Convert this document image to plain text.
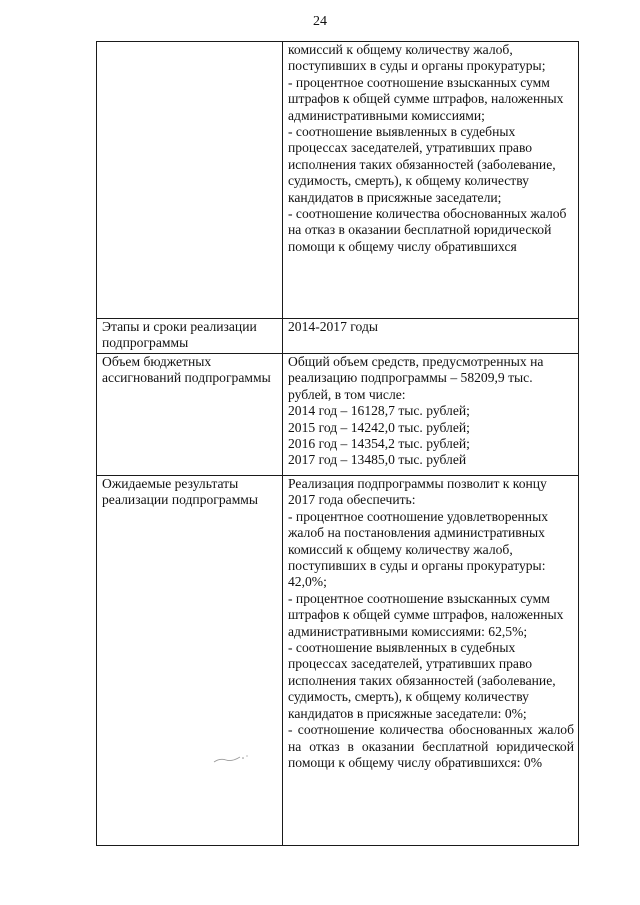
24

	комиссий к общему количеству жалоб, поступивших в суды и органы прокуратуры;
- процентное соотношение взысканных сумм штрафов к общей сумме штрафов, наложенных административными комиссиями;
- соотношение выявленных в судебных процессах заседателей, утративших право исполнения таких обязанностей (заболевание, судимость, смерть), к общему количеству кандидатов в присяжные заседатели;
- соотношение количества обоснованных жалоб на отказ в оказании бесплатной юридической помощи к общему числу обратившихся

Этапы и сроки реализации подпрограммы	2014-2017 годы

Объем бюджетных ассигнований подпрограммы	Общий объем средств, предусмотренных на реализацию подпрограммы – 58209,9 тыс. рублей, в том числе:
2014 год – 16128,7 тыс. рублей;
2015 год – 14242,0 тыс. рублей;
2016 год – 14354,2 тыс. рублей;
2017 год – 13485,0 тыс. рублей

Ожидаемые результаты реализации подпрограммы	Реализация подпрограммы позволит к концу 2017 года обеспечить:
- процентное соотношение удовлетворенных жалоб на постановления административных комиссий к общему количеству жалоб, поступивших в суды и органы прокуратуры: 42,0%;
- процентное соотношение взысканных сумм штрафов к общей сумме штрафов, наложенных административными комиссиями: 62,5%;
- соотношение выявленных в судебных процессах заседателей, утративших право исполнения таких обязанностей (заболевание, судимость, смерть), к общему количеству кандидатов в присяжные заседатели: 0%;
- соотношение количества обоснованных жалоб на отказ в оказании бесплатной юридической помощи к общему числу обратившихся: 0%
